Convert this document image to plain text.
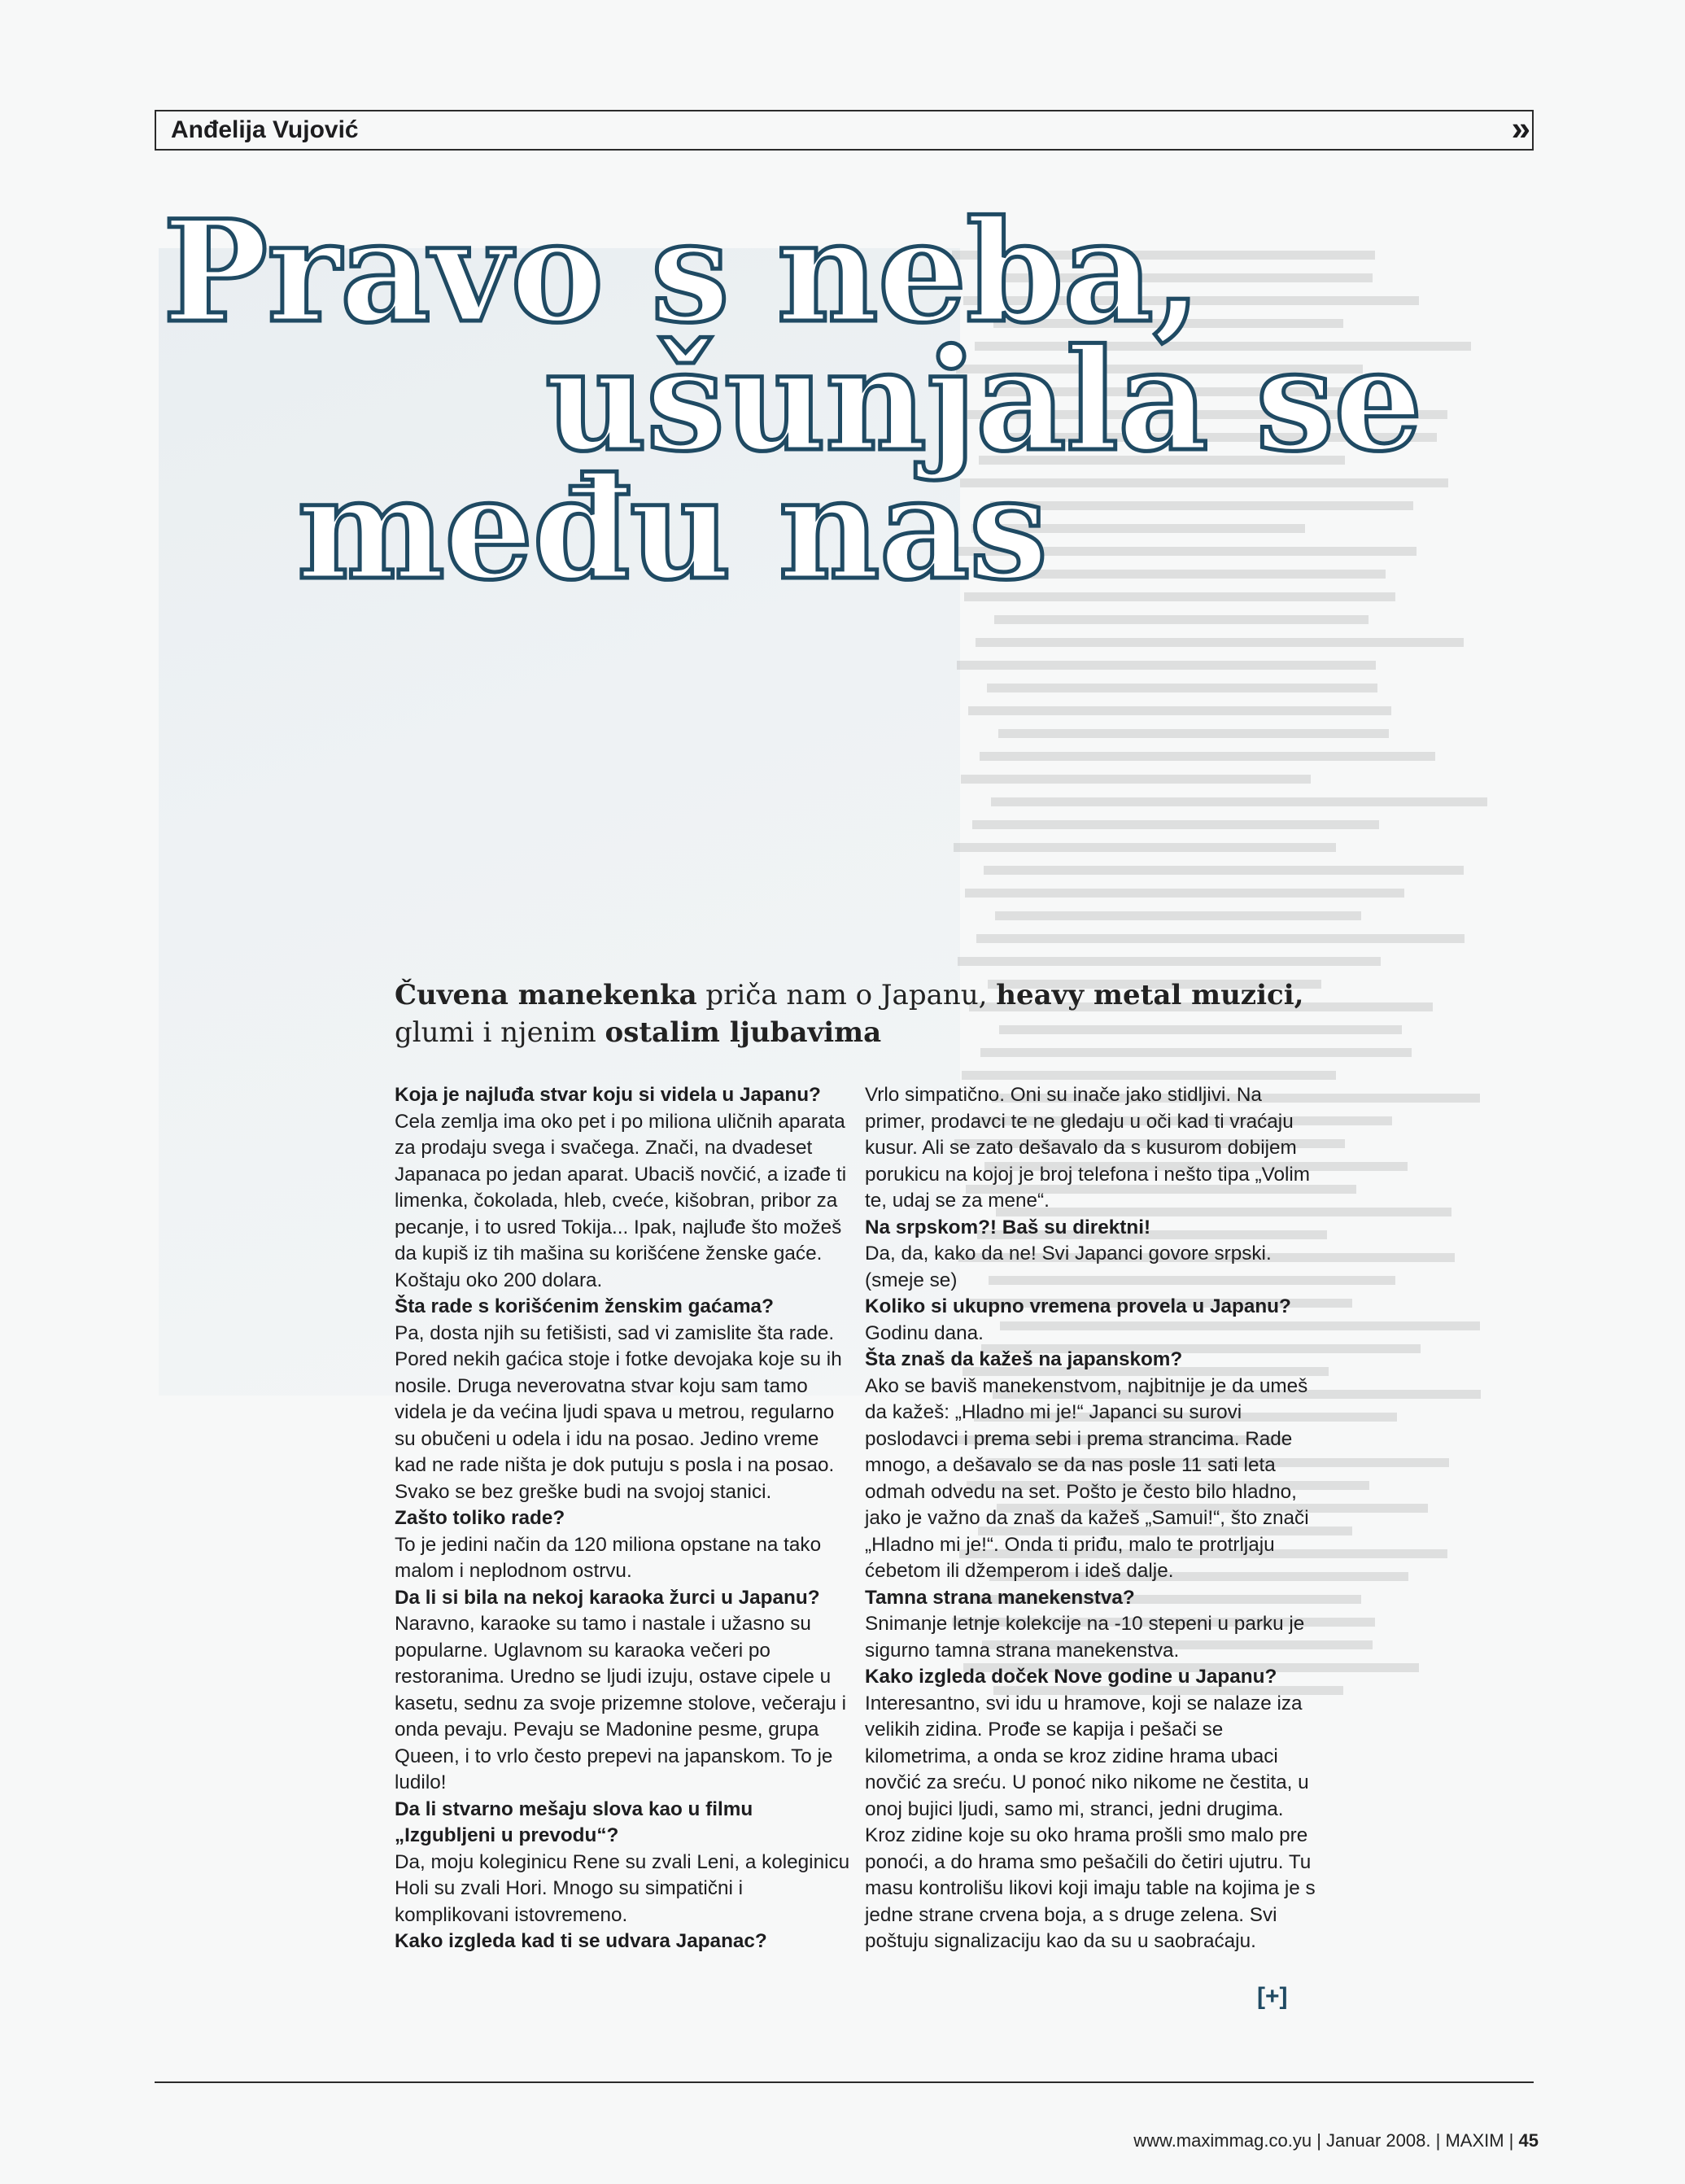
Anđelija Vujović	»
Pravo s neba,
ušunjala se
među nas
Čuvena manekenka priča nam o Japanu, heavy metal muzici,
glumi i njenim ostalim ljubavima
Koja je najluđa stvar koju si videla u Japanu?
Cela zemlja ima oko pet i po miliona uličnih aparata za prodaju svega i svačega. Znači, na dvadeset Japanaca po jedan aparat. Ubaciš novčić, a izađe ti limenka, čokolada, hleb, cveće, kišobran, pribor za pecanje, i to usred Tokija... Ipak, najluđe što možeš da kupiš iz tih mašina su korišćene ženske gaće. Koštaju oko 200 dolara.
Šta rade s korišćenim ženskim gaćama?
Pa, dosta njih su fetišisti, sad vi zamislite šta rade. Pored nekih gaćica stoje i fotke devojaka koje su ih nosile. Druga neverovatna stvar koju sam tamo videla je da većina ljudi spava u metrou, regularno su obučeni u odela i idu na posao. Jedino vreme kad ne rade ništa je dok putuju s posla i na posao. Svako se bez greške budi na svojoj stanici.
Zašto toliko rade?
To je jedini način da 120 miliona opstane na tako malom i neplodnom ostrvu.
Da li si bila na nekoj karaoka žurci u Japanu?
Naravno, karaoke su tamo i nastale i užasno su popularne. Uglavnom su karaoka večeri po restoranima. Uredno se ljudi izuju, ostave cipele u kasetu, sednu za svoje prizemne stolove, večeraju i onda pevaju. Pevaju se Madonine pesme, grupa Queen, i to vrlo često prepevi na japanskom. To je ludilo!
Da li stvarno mešaju slova kao u filmu „Izgubljeni u prevodu“?
Da, moju koleginicu Rene su zvali Leni, a koleginicu Holi su zvali Hori. Mnogo su simpatični i komplikovani istovremeno.
Kako izgleda kad ti se udvara Japanac?
Vrlo simpatično. Oni su inače jako stidljivi. Na primer, prodavci te ne gledaju u oči kad ti vraćaju kusur. Ali se zato dešavalo da s kusurom dobijem porukicu na kojoj je broj telefona i nešto tipa „Volim te, udaj se za mene“.
Na srpskom?! Baš su direktni!
Da, da, kako da ne! Svi Japanci govore srpski. (smeje se)
Koliko si ukupno vremena provela u Japanu?
Godinu dana.
Šta znaš da kažeš na japanskom?
Ako se baviš manekenstvom, najbitnije je da umeš da kažeš: „Hladno mi je!“ Japanci su surovi poslodavci i prema sebi i prema strancima. Rade mnogo, a dešavalo se da nas posle 11 sati leta odmah odvedu na set. Pošto je često bilo hladno, jako je važno da znaš da kažeš „Samui!“, što znači „Hladno mi je!“. Onda ti priđu, malo te protrljaju ćebetom ili džemperom i ideš dalje.
Tamna strana manekenstva?
Snimanje letnje kolekcije na -10 stepeni u parku je sigurno tamna strana manekenstva.
Kako izgleda doček Nove godine u Japanu?
Interesantno, svi idu u hramove, koji se nalaze iza velikih zidina. Prođe se kapija i pešači se kilometrima, a onda se kroz zidine hrama ubaci novčić za sreću. U ponoć niko nikome ne čestita, u onoj bujici ljudi, samo mi, stranci, jedni drugima. Kroz zidine koje su oko hrama prošli smo malo pre ponoći, a do hrama smo pešačili do četiri ujutru. Tu masu kontrolišu likovi koji imaju table na kojima je s jedne strane crvena boja, a s druge zelena. Svi poštuju signalizaciju kao da su u saobraćaju.
[+]
www.maximmag.co.yu | Januar 2008. | MAXIM | 45
